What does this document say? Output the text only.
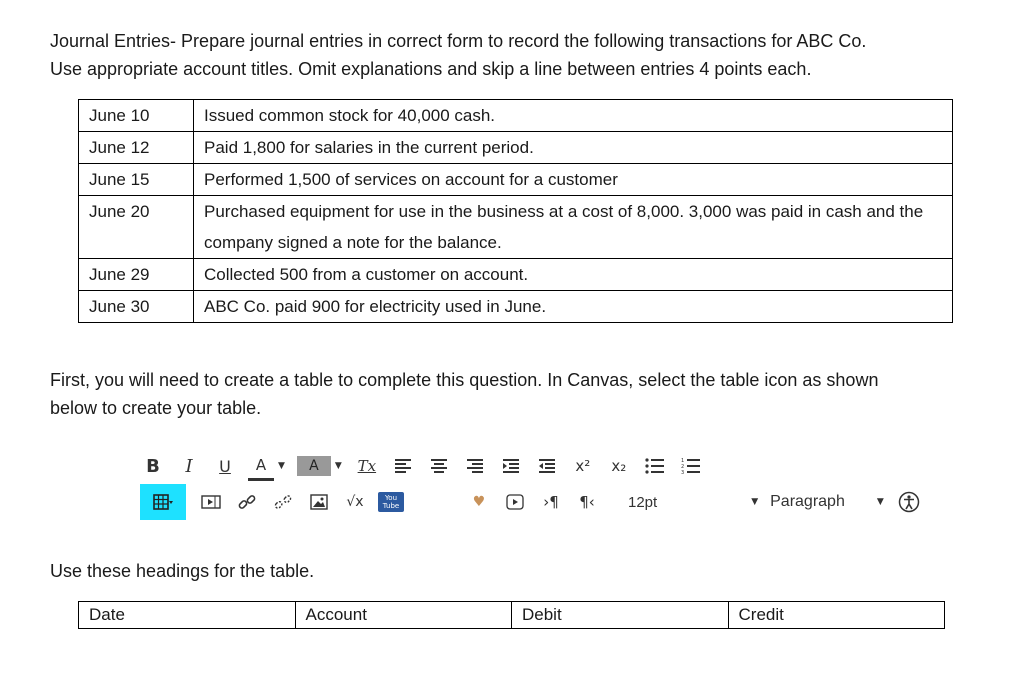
Journal Entries- Prepare journal entries in correct form to record the following transactions for ABC Co.
Use appropriate account titles. Omit explanations and skip a line between entries 4 points each.

June 10	Issued common stock for 40,000 cash.
June 12	Paid 1,800 for salaries in the current period.
June 15	Performed 1,500 of services on account for a customer
June 20	Purchased equipment for use in the business at a cost of 8,000. 3,000 was paid in cash and the company signed a note for the balance.
June 29	Collected 500 from a customer on account.
June 30	ABC Co. paid 900 for electricity used in June.

First, you will need to create a table to complete this question. In Canvas, select the table icon as shown
below to create your table.

B	I	U	A	▼	A	▼ Tx	x²	x₂	1
2
3
√x	You
Tube	♥	›¶	¶‹	12pt	▼ Paragraph	▼

Use these headings for the table.

Date	Account	Debit	Credit
